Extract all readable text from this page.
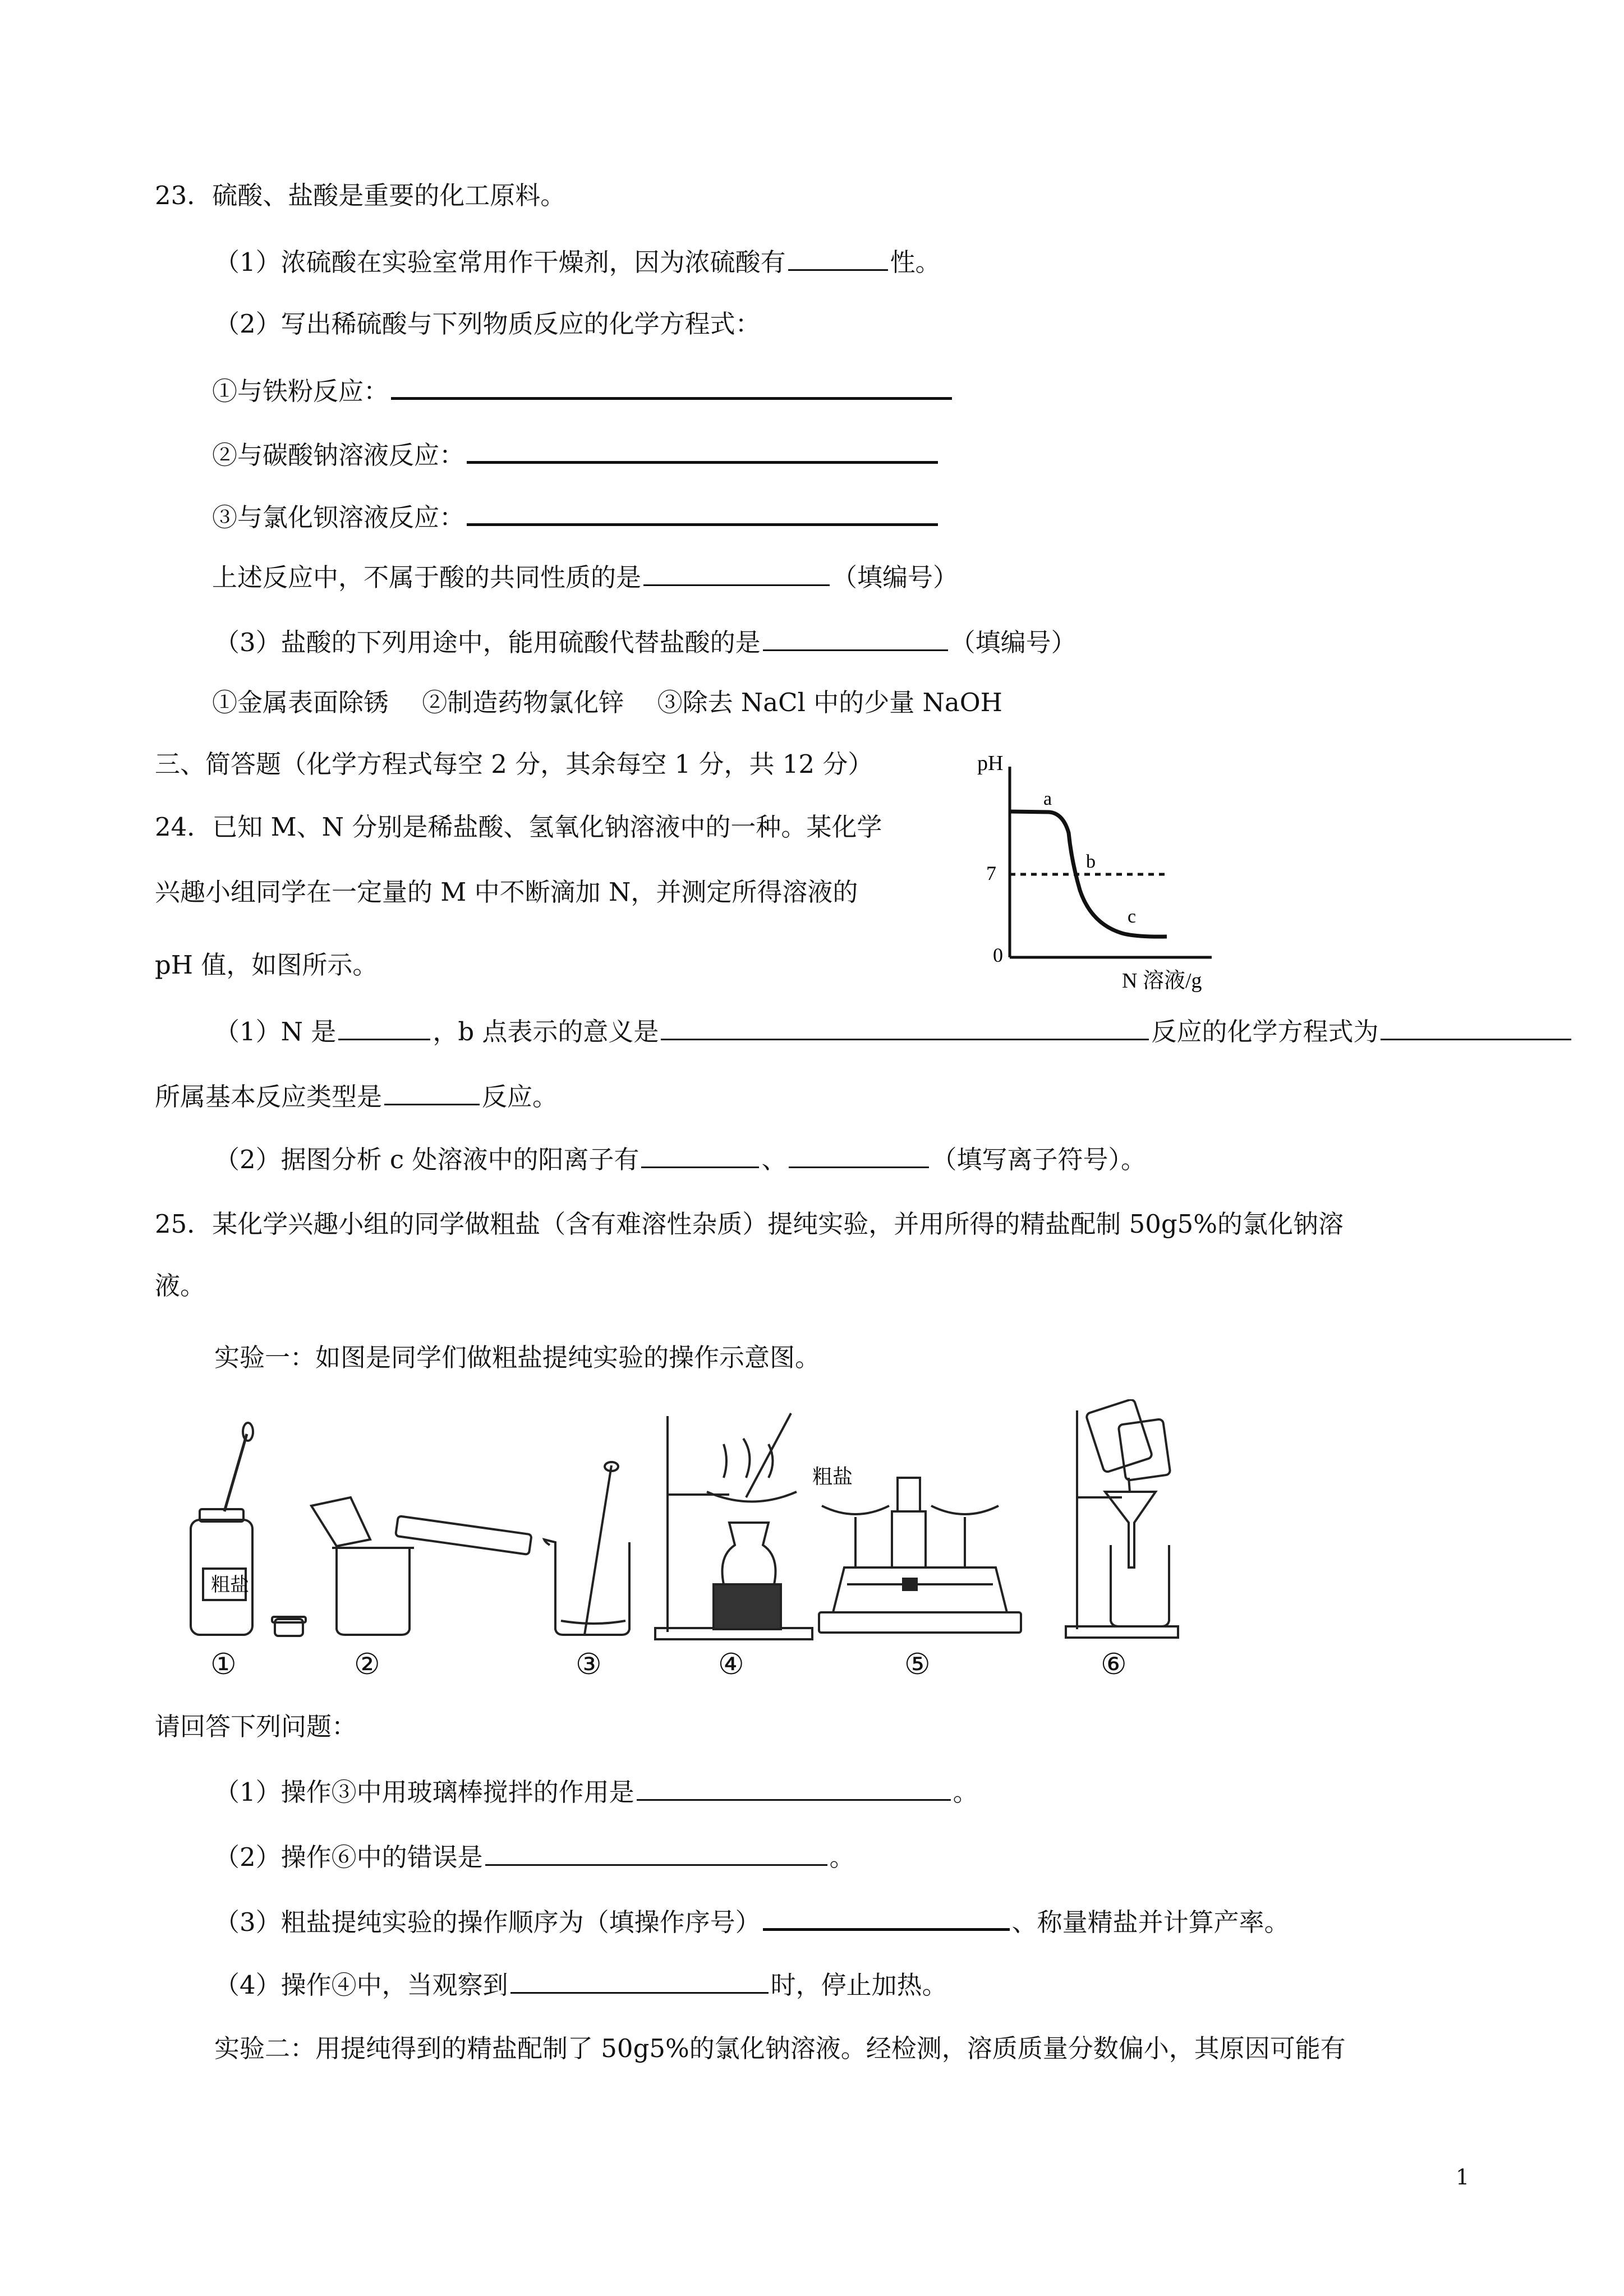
23．硫酸、盐酸是重要的化工原料。
（1）浓硫酸在实验室常用作干燥剂，因为浓硫酸有	性。
（2）写出稀硫酸与下列物质反应的化学方程式：
①与铁粉反应：
②与碳酸钠溶液反应：
③与氯化钡溶液反应：
上述反应中，不属于酸的共同性质的是	（填编号）
（3）盐酸的下列用途中，能用硫酸代替盐酸的是	（填编号）
①金属表面除锈　 ②制造药物氯化锌　 ③除去 NaCl 中的少量 NaOH
三、简答题（化学方程式每空 2 分，其余每空 1 分，共 12 分）
24．已知 M、N 分别是稀盐酸、氢氧化钠溶液中的一种。某化学
兴趣小组同学在一定量的 M 中不断滴加 N，并测定所得溶液的
pH 值，如图所示。
pH
7
0
a
b
c
N 溶液/g
（1）N 是	，b 点表示的意义是	反应的化学方程式为
所属基本反应类型是	反应。
（2）据图分析 c 处溶液中的阳离子有	、	（填写离子符号）。
25．某化学兴趣小组的同学做粗盐（含有难溶性杂质）提纯实验，并用所得的精盐配制 50g5%的氯化钠溶
液。
实验一：如图是同学们做粗盐提纯实验的操作示意图。
粗盐
粗盐
①	②	③	④	⑤	⑥
请回答下列问题：
（1）操作③中用玻璃棒搅拌的作用是	。
（2）操作⑥中的错误是	。
（3）粗盐提纯实验的操作顺序为（填操作序号）	、称量精盐并计算产率。
（4）操作④中，当观察到	时，停止加热。
实验二：用提纯得到的精盐配制了 50g5%的氯化钠溶液。经检测，溶质质量分数偏小，其原因可能有
1
